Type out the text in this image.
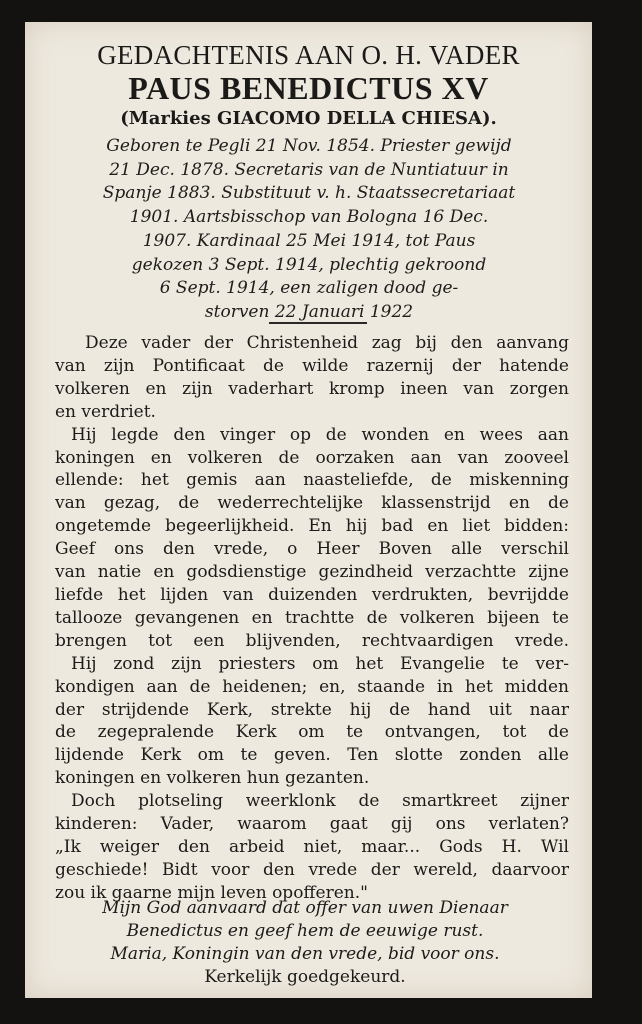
GEDACHTENIS AAN O. H. VADER
PAUS BENEDICTUS XV
(Markies GIACOMO DELLA CHIESA).

Geboren te Pegli 21 Nov. 1854. Priester gewijd
21 Dec. 1878. Secretaris van de Nuntiatuur in
Spanje 1883. Substituut v. h. Staatssecretariaat
1901. Aartsbisschop van Bologna 16 Dec.
1907. Kardinaal 25 Mei 1914, tot Paus
gekozen 3 Sept. 1914, plechtig gekroond
6 Sept. 1914, een zaligen dood ge-
storven 22 Januari 1922

Deze vader der Christenheid zag bij den aanvang
van zijn Pontificaat de wilde razernij der hatende
volkeren en zijn vaderhart kromp ineen van zorgen
en verdriet.
Hij legde den vinger op de wonden en wees aan
koningen en volkeren de oorzaken aan van zooveel
ellende: het gemis aan naasteliefde, de miskenning
van gezag, de wederrechtelijke klassenstrijd en de
ongetemde begeerlijkheid. En hij bad en liet bidden:
Geef ons den vrede, o Heer Boven alle verschil
van natie en godsdienstige gezindheid verzachtte zijne
liefde het lijden van duizenden verdrukten, bevrijdde
tallooze gevangenen en trachtte de volkeren bijeen te
brengen tot een blijvenden, rechtvaardigen vrede.
Hij zond zijn priesters om het Evangelie te ver-
kondigen aan de heidenen; en, staande in het midden
der strijdende Kerk, strekte hij de hand uit naar
de zegepralende Kerk om te ontvangen, tot de
lijdende Kerk om te geven. Ten slotte zonden alle
koningen en volkeren hun gezanten.
Doch plotseling weerklonk de smartkreet zijner
kinderen: Vader, waarom gaat gij ons verlaten?
„Ik weiger den arbeid niet, maar... Gods H. Wil
geschiede! Bidt voor den vrede der wereld, daarvoor
zou ik gaarne mijn leven opofferen."

Mijn God aanvaard dat offer van uwen Dienaar
Benedictus en geef hem de eeuwige rust.
Maria, Koningin van den vrede, bid voor ons.
Kerkelijk goedgekeurd.
